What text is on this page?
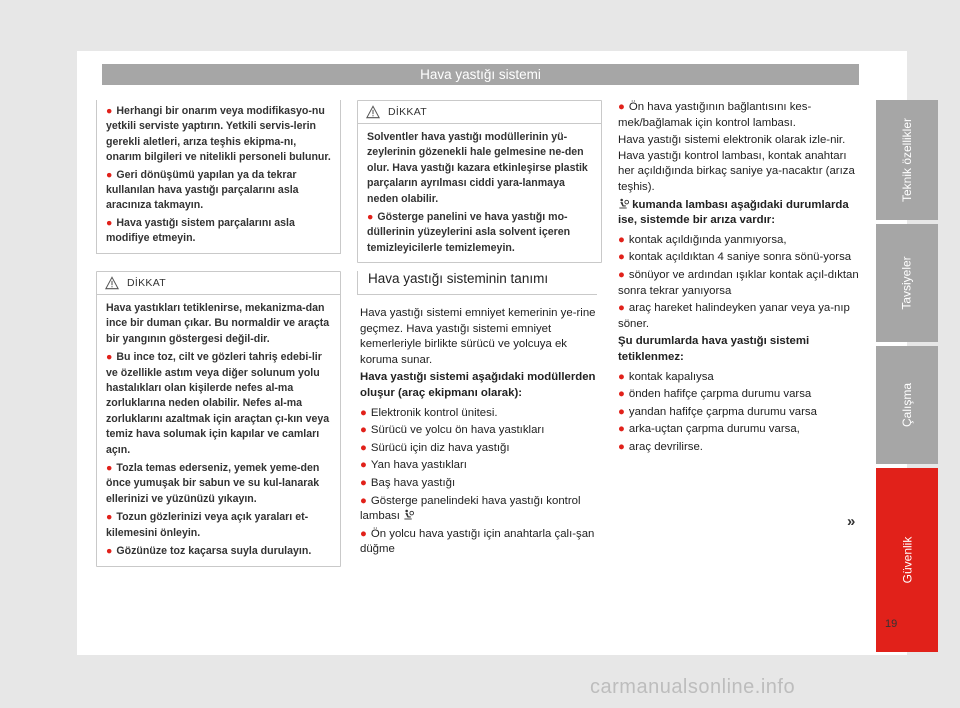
Hava yastığı sistemi

● Herhangi bir onarım veya modifikasyo-nu yetkili serviste yaptırın. Yetkili servis-lerin gerekli aletleri, arıza teşhis ekipma-nı, onarım bilgileri ve nitelikli personeli bulunur.

● Geri dönüşümü yapılan ya da tekrar kullanılan hava yastığı parçalarını asla aracınıza takmayın.

● Hava yastığı sistem parçalarını asla modifiye etmeyin.

DİKKAT

Hava yastıkları tetiklenirse, mekanizma-dan ince bir duman çıkar. Bu normaldir ve araçta bir yangının göstergesi değil-dir.

● Bu ince toz, cilt ve gözleri tahriş edebi-lir ve özellikle astım veya diğer solunum yolu hastalıkları olan kişilerde nefes al-ma zorluklarına neden olabilir. Nefes al-ma zorluklarını azaltmak için araçtan çı-kın veya temiz hava solumak için kapılar ve camları açın.

● Tozla temas ederseniz, yemek yeme-den önce yumuşak bir sabun ve su kul-lanarak ellerinizi ve yüzünüzü yıkayın.

● Tozun gözlerinizi veya açık yaraları et-kilemesini önleyin.

● Gözünüze toz kaçarsa suyla durulayın.

DİKKAT

Solventler hava yastığı modüllerinin yü-zeylerinin gözenekli hale gelmesine ne-den olur. Hava yastığı kazara etkinleşirse plastik parçaların ayrılması ciddi yara-lanmaya neden olabilir.

● Gösterge panelini ve hava yastığı mo-düllerinin yüzeylerini asla solvent içeren temizleyicilerle temizlemeyin.

Hava yastığı sisteminin tanımı

Hava yastığı sistemi emniyet kemerinin ye-rine geçmez. Hava yastığı sistemi emniyet kemerleriyle birlikte sürücü ve yolcuya ek koruma sunar.

Hava yastığı sistemi aşağıdaki modüllerden oluşur (araç ekipmanı olarak):

● Elektronik kontrol ünitesi.

● Sürücü ve yolcu ön hava yastıkları

● Sürücü için diz hava yastığı

● Yan hava yastıkları

● Baş hava yastığı

● Gösterge panelindeki hava yastığı kontrol lambası

● Ön yolcu hava yastığı için anahtarla çalı-şan düğme

● Ön hava yastığının bağlantısını kes-mek/bağlamak için kontrol lambası.

Hava yastığı sistemi elektronik olarak izle-nir. Hava yastığı kontrol lambası, kontak anahtarı her açıldığında birkaç saniye ya-nacaktır (arıza teşhis).

kumanda lambası aşağıdaki durumlarda ise, sistemde bir arıza vardır:

● kontak açıldığında yanmıyorsa,

● kontak açıldıktan 4 saniye sonra sönü-yorsa

● sönüyor ve ardından ışıklar kontak açıl-dıktan sonra tekrar yanıyorsa

● araç hareket halindeyken yanar veya ya-nıp söner.

Şu durumlarda hava yastığı sistemi tetiklenmez:

● kontak kapalıysa

● önden hafifçe çarpma durumu varsa

● yandan hafifçe çarpma durumu varsa

● arka-uçtan çarpma durumu varsa,

● araç devrilirse.

»
Teknik özellikler
Tavsiyeler
Çalışma
Güvenlik
19
carmanualsonline.info
